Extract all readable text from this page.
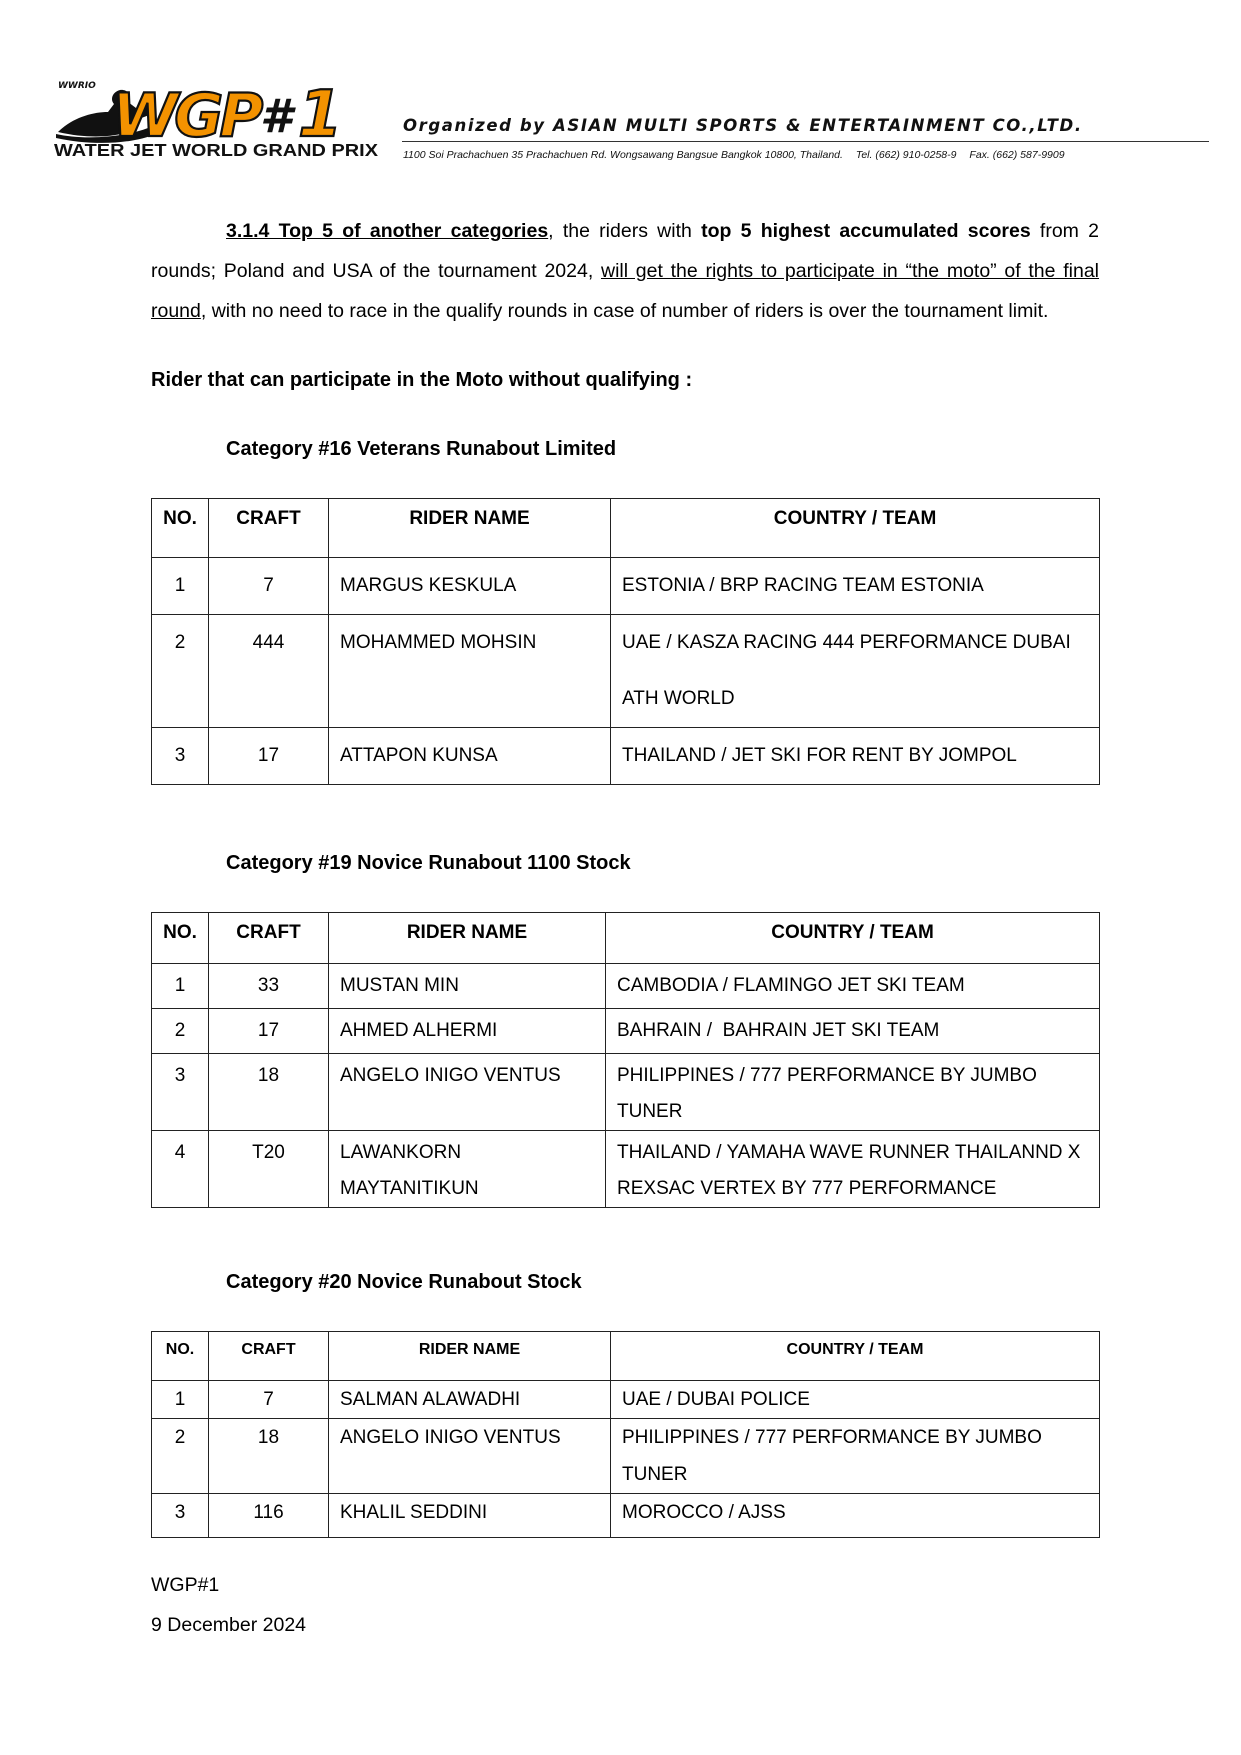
WWRIO WGP # 1
WATER JET WORLD GRAND PRIX
Organized by ASIAN MULTI SPORTS & ENTERTAINMENT CO.,LTD.
1100 Soi Prachachuen 35 Prachachuen Rd. Wongsawang Bangsue Bangkok 10800, Thailand. Tel. (662) 910-0258-9 Fax. (662) 587-9909
3.1.4 Top 5 of another categories, the riders with top 5 highest accumulated scores from 2 rounds; Poland and USA of the tournament 2024, will get the rights to participate in “the moto” of the final round, with no need to race in the qualify rounds in case of number of riders is over the tournament limit.
Rider that can participate in the Moto without qualifying :
Category #16 Veterans Runabout Limited
NO.	CRAFT	RIDER NAME	COUNTRY / TEAM
1	7	MARGUS KESKULA	ESTONIA / BRP RACING TEAM ESTONIA
2	444	MOHAMMED MOHSIN	UAE / KASZA RACING 444 PERFORMANCE DUBAI ATH WORLD
3	17	ATTAPON KUNSA	THAILAND / JET SKI FOR RENT BY JOMPOL
Category #19 Novice Runabout 1100 Stock
NO.	CRAFT	RIDER NAME	COUNTRY / TEAM
1	33	MUSTAN MIN	CAMBODIA / FLAMINGO JET SKI TEAM
2	17	AHMED ALHERMI	BAHRAIN /  BAHRAIN JET SKI TEAM
3	18	ANGELO INIGO VENTUS	PHILIPPINES / 777 PERFORMANCE BY JUMBO TUNER
4	T20	LAWANKORN MAYTANITIKUN	THAILAND / YAMAHA WAVE RUNNER THAILANND X REXSAC VERTEX BY 777 PERFORMANCE
Category #20 Novice Runabout Stock
NO.	CRAFT	RIDER NAME	COUNTRY / TEAM
1	7	SALMAN ALAWADHI	UAE / DUBAI POLICE
2	18	ANGELO INIGO VENTUS	PHILIPPINES / 777 PERFORMANCE BY JUMBO TUNER
3	116	KHALIL SEDDINI	MOROCCO / AJSS
WGP#1
9 December 2024
